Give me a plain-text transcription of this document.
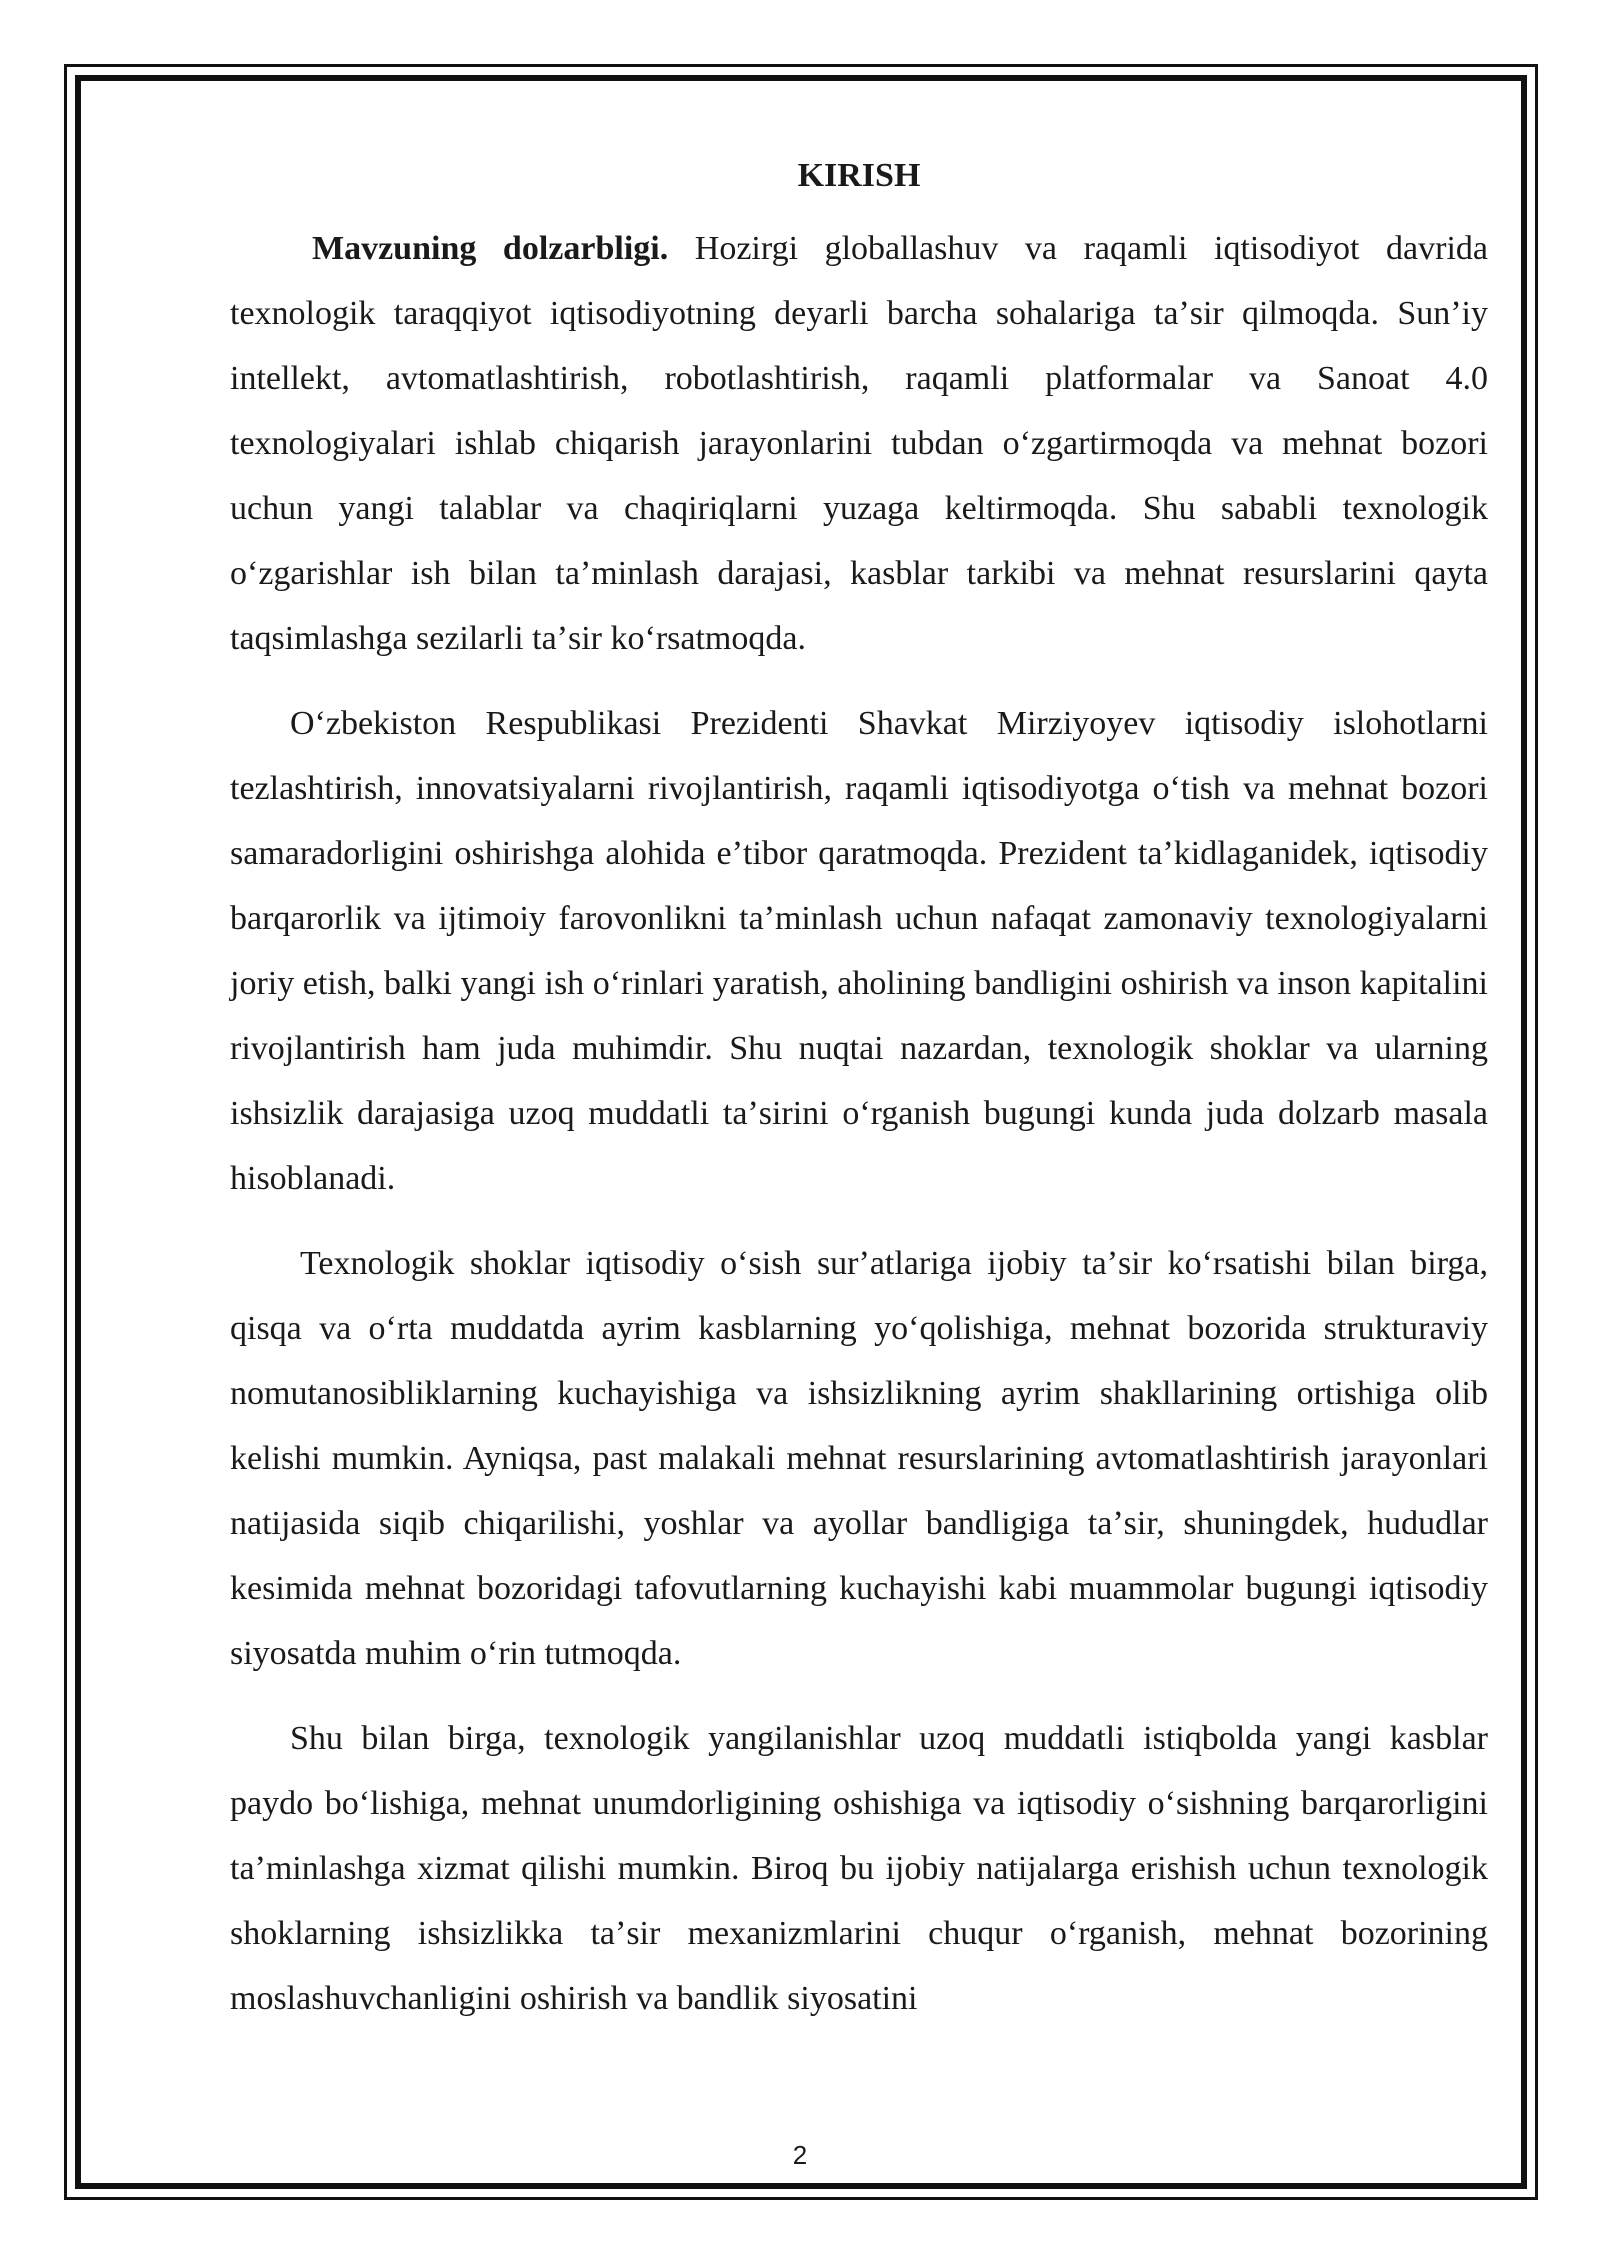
KIRISH

Mavzuning dolzarbligi. Hozirgi globallashuv va raqamli iqtisodiyot davrida texnologik taraqqiyot iqtisodiyotning deyarli barcha sohalariga taʼsir qilmoqda. Sunʼiy intellekt, avtomatlashtirish, robotlashtirish, raqamli platformalar va Sanoat 4.0 texnologiyalari ishlab chiqarish jarayonlarini tubdan oʻzgartirmoqda va mehnat bozori uchun yangi talablar va chaqiriqlarni yuzaga keltirmoqda. Shu sababli texnologik oʻzgarishlar ish bilan taʼminlash darajasi, kasblar tarkibi va mehnat resurslarini qayta taqsimlashga sezilarli taʼsir koʻrsatmoqda.

Oʻzbekiston Respublikasi Prezidenti Shavkat Mirziyoyev iqtisodiy islohotlarni tezlashtirish, innovatsiyalarni rivojlantirish, raqamli iqtisodiyotga oʻtish va mehnat bozori samaradorligini oshirishga alohida eʼtibor qaratmoqda. Prezident taʼkidlaganidek, iqtisodiy barqarorlik va ijtimoiy farovonlikni taʼminlash uchun nafaqat zamonaviy texnologiyalarni joriy etish, balki yangi ish oʻrinlari yaratish, aholining bandligini oshirish va inson kapitalini rivojlantirish ham juda muhimdir. Shu nuqtai nazardan, texnologik shoklar va ularning ishsizlik darajasiga uzoq muddatli taʼsirini oʻrganish bugungi kunda juda dolzarb masala hisoblanadi.

Texnologik shoklar iqtisodiy oʻsish surʼatlariga ijobiy taʼsir koʻrsatishi bilan birga, qisqa va oʻrta muddatda ayrim kasblarning yoʻqolishiga, mehnat bozorida strukturaviy nomutanosibliklarning kuchayishiga va ishsizlikning ayrim shakllarining ortishiga olib kelishi mumkin. Ayniqsa, past malakali mehnat resurslarining avtomatlashtirish jarayonlari natijasida siqib chiqarilishi, yoshlar va ayollar bandligiga taʼsir, shuningdek, hududlar kesimida mehnat bozoridagi tafovutlarning kuchayishi kabi muammolar bugungi iqtisodiy siyosatda muhim oʻrin tutmoqda.

Shu bilan birga, texnologik yangilanishlar uzoq muddatli istiqbolda yangi kasblar paydo boʻlishiga, mehnat unumdorligining oshishiga va iqtisodiy oʻsishning barqarorligini taʼminlashga xizmat qilishi mumkin. Biroq bu ijobiy natijalarga erishish uchun texnologik shoklarning ishsizlikka taʼsir mexanizmlarini chuqur oʻrganish, mehnat bozorining moslashuvchanligini oshirish va bandlik siyosatini

2
